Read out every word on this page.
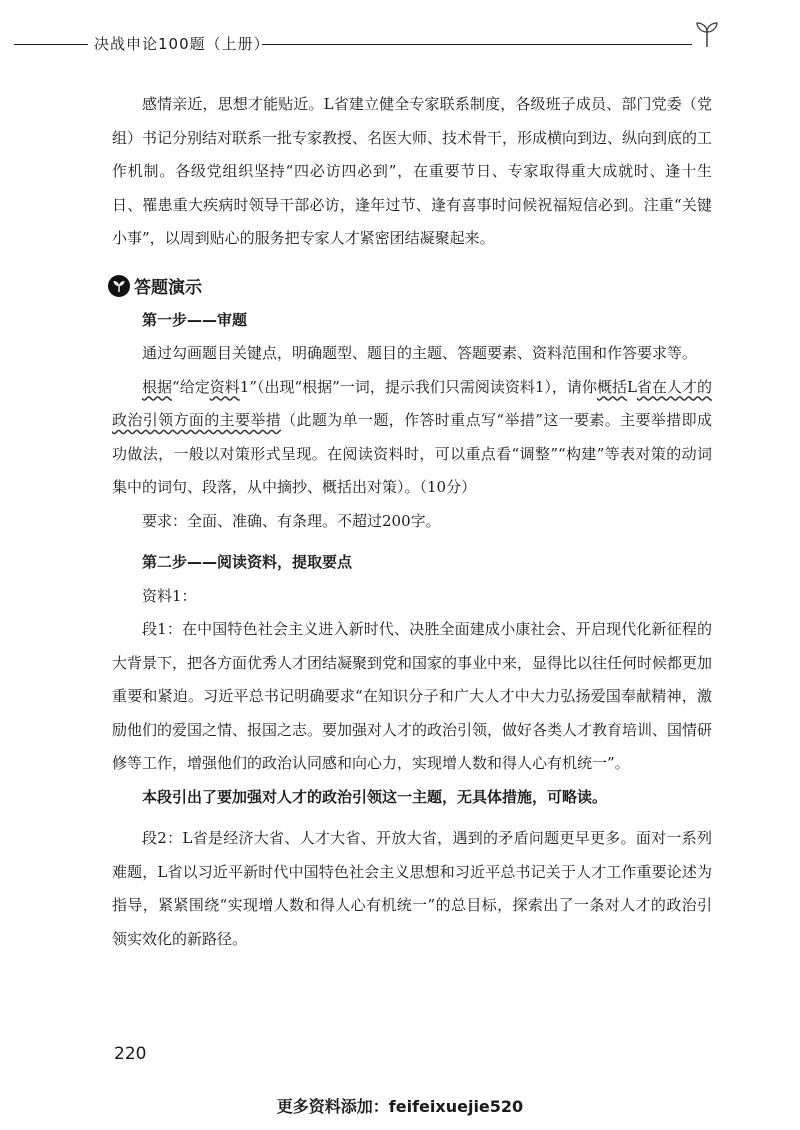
决战申论100题（上册）

感情亲近，思想才能贴近。L省建立健全专家联系制度，各级班子成员、部门党委（党组）书记分别结对联系一批专家教授、名医大师、技术骨干，形成横向到边、纵向到底的工作机制。各级党组织坚持“四必访四必到”，在重要节日、专家取得重大成就时、逢十生日、罹患重大疾病时领导干部必访，逢年过节、逢有喜事时问候祝福短信必到。注重“关键小事”，以周到贴心的服务把专家人才紧密团结凝聚起来。

答题演示

第一步——审题

通过勾画题目关键点，明确题型、题目的主题、答题要素、资料范围和作答要求等。

根据“给定资料1”（出现“根据”一词，提示我们只需阅读资料1），请你概括L省在人才的政治引领方面的主要举措（此题为单一题，作答时重点写“举措”这一要素。主要举措即成功做法，一般以对策形式呈现。在阅读资料时，可以重点看“调整”“构建”等表对策的动词集中的词句、段落，从中摘抄、概括出对策）。（10分）

要求：全面、准确、有条理。不超过200字。

第二步——阅读资料，提取要点

资料1：

段1：在中国特色社会主义进入新时代、决胜全面建成小康社会、开启现代化新征程的大背景下，把各方面优秀人才团结凝聚到党和国家的事业中来，显得比以往任何时候都更加重要和紧迫。习近平总书记明确要求“在知识分子和广大人才中大力弘扬爱国奉献精神，激励他们的爱国之情、报国之志。要加强对人才的政治引领，做好各类人才教育培训、国情研修等工作，增强他们的政治认同感和向心力，实现增人数和得人心有机统一”。

本段引出了要加强对人才的政治引领这一主题，无具体措施，可略读。

段2：L省是经济大省、人才大省、开放大省，遇到的矛盾问题更早更多。面对一系列难题，L省以习近平新时代中国特色社会主义思想和习近平总书记关于人才工作重要论述为指导，紧紧围绕“实现增人数和得人心有机统一”的总目标，探索出了一条对人才的政治引领实效化的新路径。

220
更多资料添加：feifeixuejie520
